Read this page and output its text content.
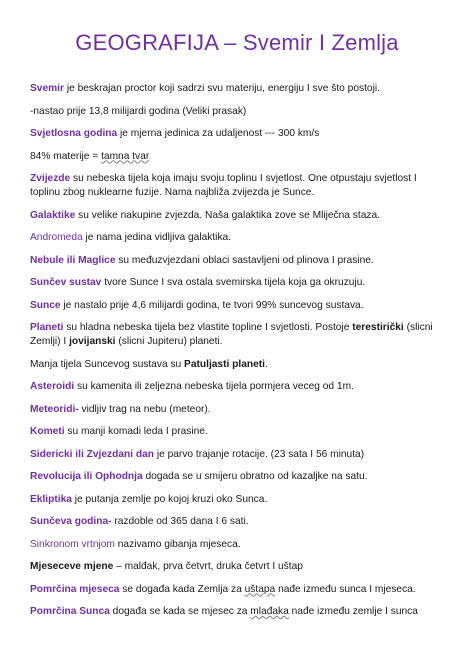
GEOGRAFIJA – Svemir I Zemlja

Svemir je beskrajan proctor koji sadrzi svu materiju, energiju I sve što postoji.

-nastao prije 13,8 milijardi godina (Veliki prasak)

Svjetlosna godina je mjerna jedinica za udaljenost --- 300 km/s

84% materije = tamna tvar

Zvijezde su nebeska tijela koja imaju svoju toplinu I svjetlost. One otpustaju svjetlost I toplinu zbog nuklearne fuzije. Nama najbliža zvijezda je Sunce.

Galaktike su velike nakupine zvjezda. Naša galaktika zove se Mliječna staza.

Andromeda je nama jedina vidljiva galaktika.

Nebule ili Maglice su međuzvjezdani oblaci sastavljeni od plinova I prasine.

Sunčev sustav tvore Sunce I sva ostala svemirska tijela koja ga okruzuju.

Sunce je nastalo prije 4,6 milijardi godina, te tvori 99% suncevog sustava.

Planeti su hladna nebeska tijela bez vlastite topline I svjetlosti. Postoje terestirički (slicni Zemlji) I jovijanski (slicni Jupiteru) planeti.

Manja tijela Suncevog sustava su Patuljasti planeti.

Asteroidi su kamenita ili zeljezna nebeska tijela pormjera veceg od 1m.

Meteoridi- vidljiv trag na nebu (meteor).

Kometi su manji komadi leda I prasine.

Sidericki ili Zvjezdani dan je parvo trajanje rotacije. (23 sata I 56 minuta)

Revolucija ili Ophodnja dogada se u smijeru obratno od kazaljke na satu.

Ekliptika je putanja zemlje po kojoj kruzi oko Sunca.

Sunčeva godina- razdoble od 365 dana I 6 sati.

Sinkronom vrtnjom nazivamo gibanja mjeseca.

Mjeseceve mjene – malđak, prva četvrt, druka četvrt I uštap

Pomrčina mjeseca se događa kada Zemlja za uštapa nađe između sunca I mjeseca.

Pomrčina Sunca događa se kada se mjesec za mlađaka nađe između zemlje I sunca
